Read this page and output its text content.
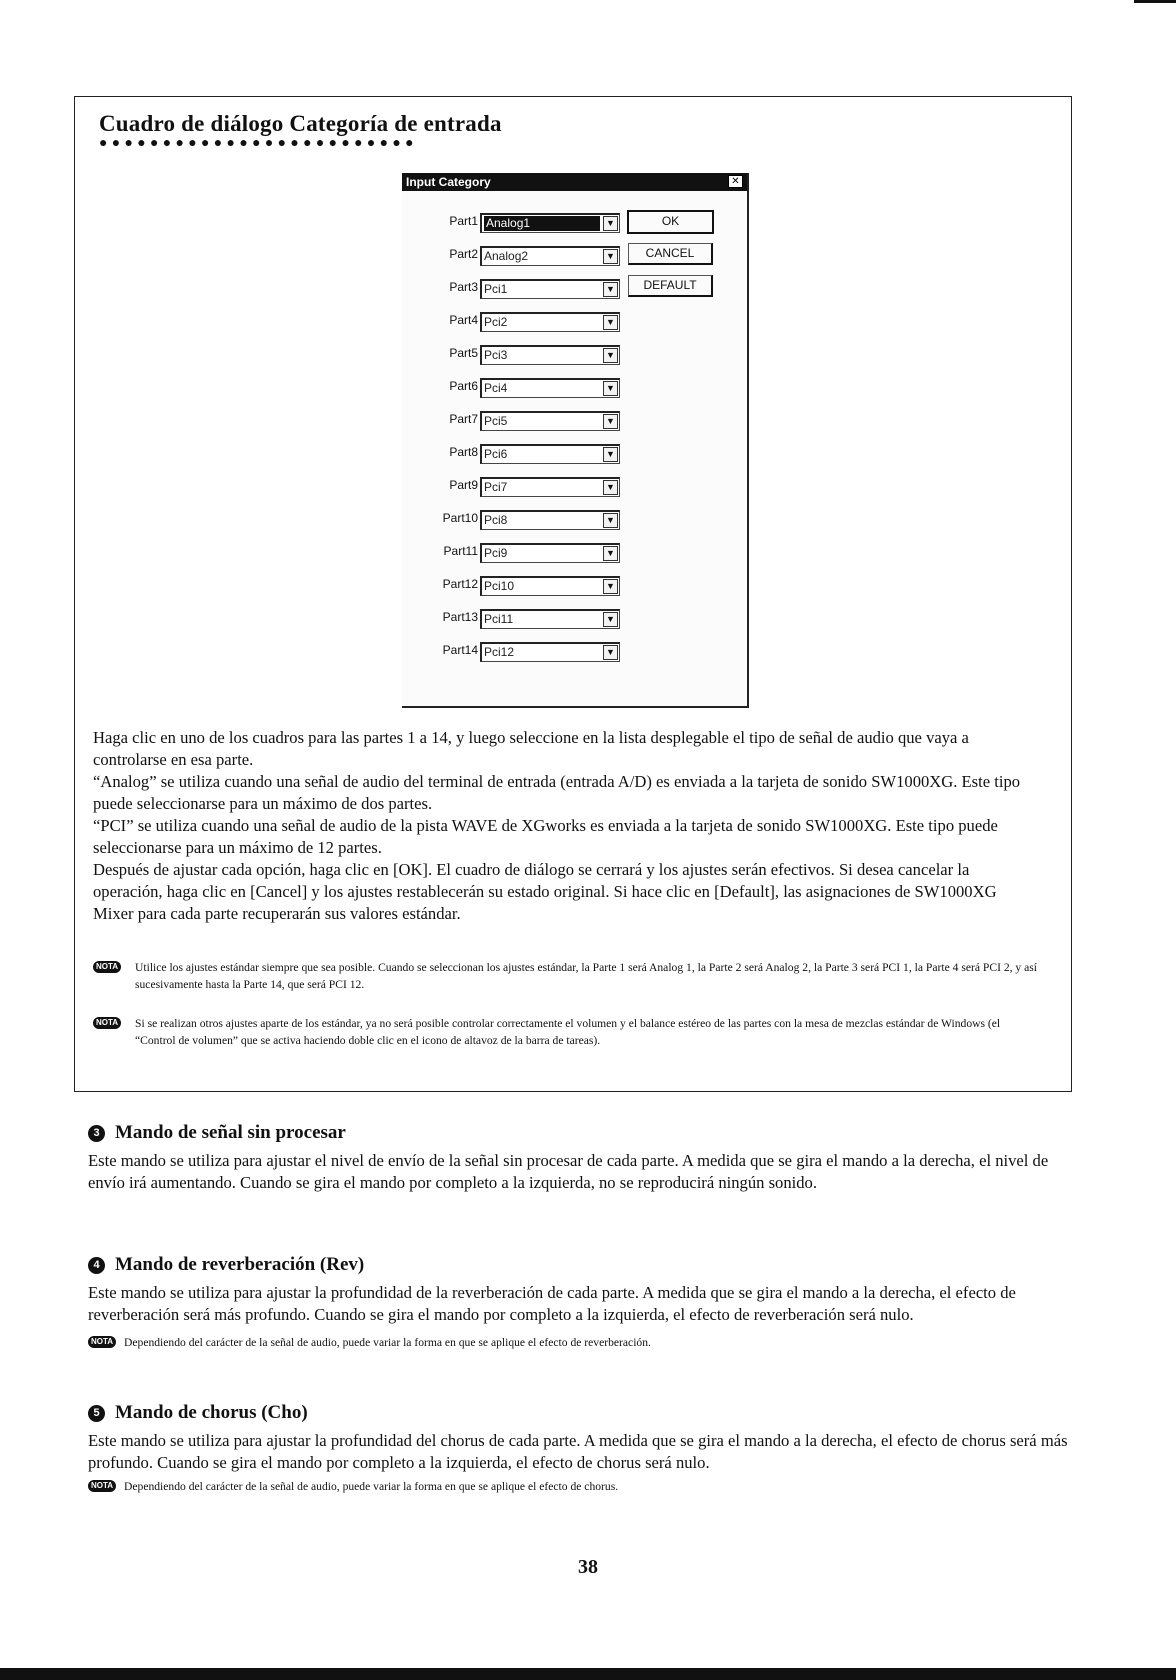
Cuadro de diálogo Categoría de entrada
●●●●●●●●●●●●●●●●●●●●●●●●●
Input Category	✕
Part1 Analog1	▼
Part2 Analog2	▼
Part3 Pci1	▼
Part4 Pci2	▼
Part5 Pci3	▼
Part6 Pci4	▼
Part7 Pci5	▼
Part8 Pci6	▼
Part9 Pci7	▼
Part10 Pci8	▼
Part11 Pci9	▼
Part12 Pci10	▼
Part13 Pci11	▼
Part14 Pci12	▼
OK
CANCEL
DEFAULT

Haga clic en uno de los cuadros para las partes 1 a 14, y luego seleccione en la lista desplegable el tipo de señal de audio que vaya a controlarse en esa parte.

“Analog” se utiliza cuando una señal de audio del terminal de entrada (entrada A/D) es enviada a la tarjeta de sonido SW1000XG. Este tipo puede seleccionarse para un máximo de dos partes.

“PCI” se utiliza cuando una señal de audio de la pista WAVE de XGworks es enviada a la tarjeta de sonido SW1000XG. Este tipo puede seleccionarse para un máximo de 12 partes.

Después de ajustar cada opción, haga clic en [OK]. El cuadro de diálogo se cerrará y los ajustes serán efectivos. Si desea cancelar la operación, haga clic en [Cancel] y los ajustes restablecerán su estado original. Si hace clic en [Default], las asignaciones de SW1000XG Mixer para cada parte recuperarán sus valores estándar.

NOTA Utilice los ajustes estándar siempre que sea posible. Cuando se seleccionan los ajustes estándar, la Parte 1 será Analog 1, la Parte 2 será Analog 2, la Parte 3 será PCI 1, la Parte 4 será PCI 2, y así sucesivamente hasta la Parte 14, que será PCI 12.
NOTA Si se realizan otros ajustes aparte de los estándar, ya no será posible controlar correctamente el volumen y el balance estéreo de las partes con la mesa de mezclas estándar de Windows (el “Control de volumen” que se activa haciendo doble clic en el icono de altavoz de la barra de tareas).
3 Mando de señal sin procesar
Este mando se utiliza para ajustar el nivel de envío de la señal sin procesar de cada parte. A medida que se gira el mando a la derecha, el nivel de envío irá aumentando. Cuando se gira el mando por completo a la izquierda, no se reproducirá ningún sonido.
4 Mando de reverberación (Rev)
Este mando se utiliza para ajustar la profundidad de la reverberación de cada parte. A medida que se gira el mando a la derecha, el efecto de reverberación será más profundo. Cuando se gira el mando por completo a la izquierda, el efecto de reverberación será nulo.
NOTA Dependiendo del carácter de la señal de audio, puede variar la forma en que se aplique el efecto de reverberación.
5 Mando de chorus (Cho)
Este mando se utiliza para ajustar la profundidad del chorus de cada parte. A medida que se gira el mando a la derecha, el efecto de chorus será más profundo. Cuando se gira el mando por completo a la izquierda, el efecto de chorus será nulo.
NOTA Dependiendo del carácter de la señal de audio, puede variar la forma en que se aplique el efecto de chorus.
38
